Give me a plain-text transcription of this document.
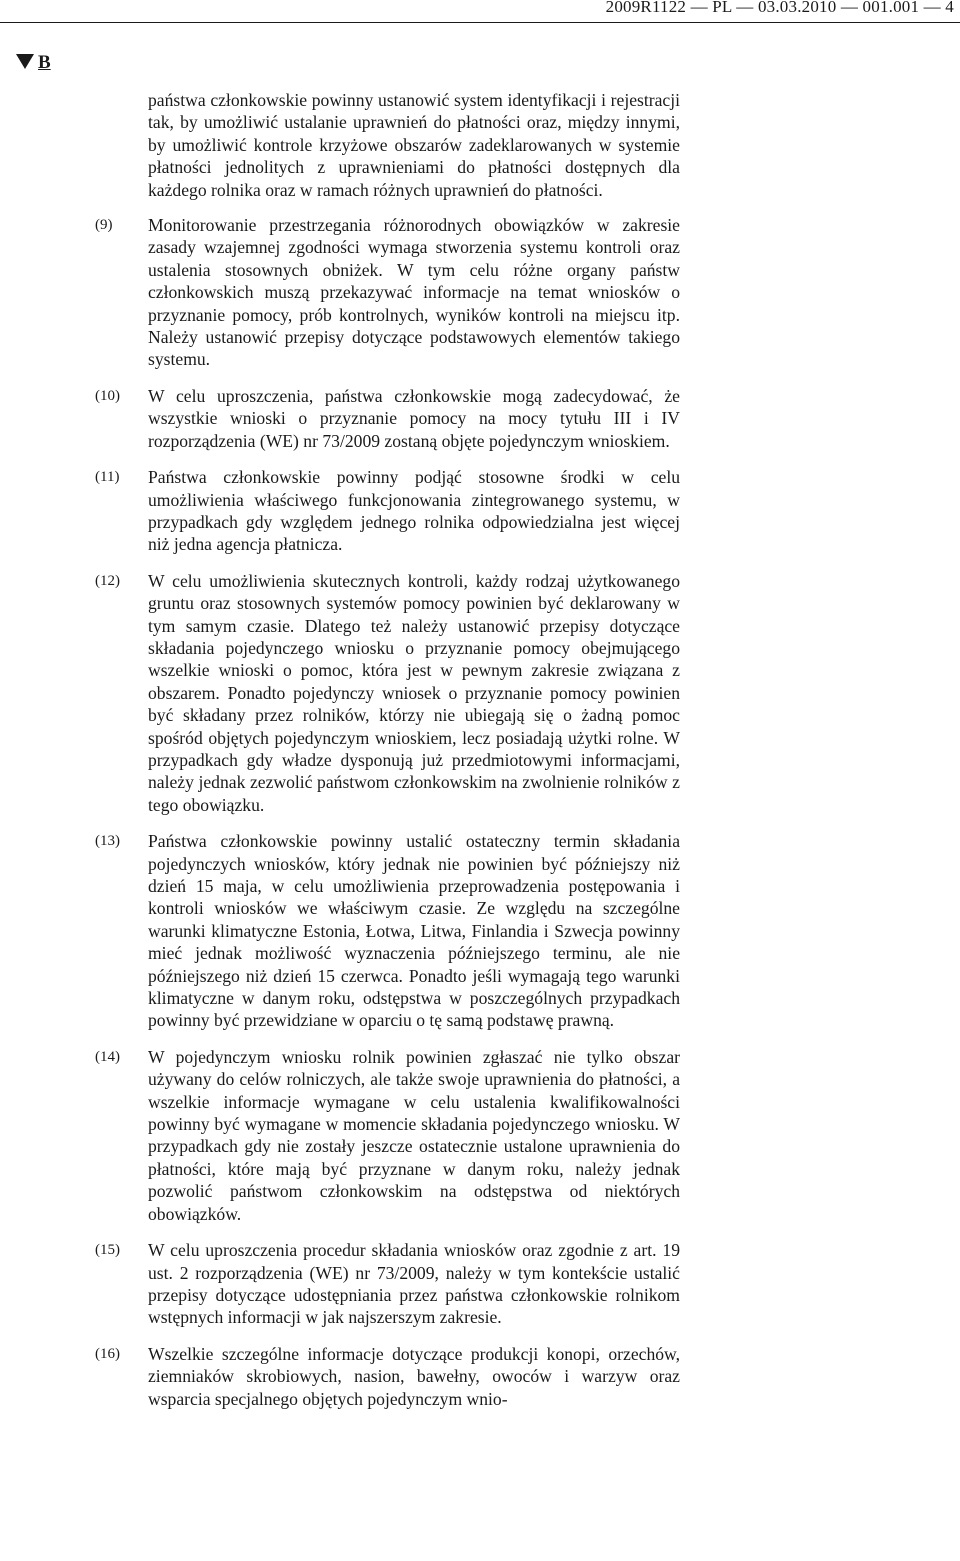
2009R1122 — PL — 03.03.2010 — 001.001 — 4
B
państwa członkowskie powinny ustanowić system identyfikacji i rejestracji tak, by umożliwić ustalanie uprawnień do płatności oraz, między innymi, by umożliwić kontrole krzyżowe obszarów zadeklarowanych w systemie płatności jednolitych z uprawnieniami do płatności dostępnych dla każdego rolnika oraz w ramach różnych uprawnień do płatności.
(9) Monitorowanie przestrzegania różnorodnych obowiązków w zakresie zasady wzajemnej zgodności wymaga stworzenia systemu kontroli oraz ustalenia stosownych obniżek. W tym celu różne organy państw członkowskich muszą przekazywać informacje na temat wniosków o przyznanie pomocy, prób kontrolnych, wyników kontroli na miejscu itp. Należy ustanowić przepisy dotyczące podstawowych elementów takiego systemu.
(10) W celu uproszczenia, państwa członkowskie mogą zadecydować, że wszystkie wnioski o przyznanie pomocy na mocy tytułu III i IV rozporządzenia (WE) nr 73/2009 zostaną objęte pojedynczym wnioskiem.
(11) Państwa członkowskie powinny podjąć stosowne środki w celu umożliwienia właściwego funkcjonowania zintegrowanego systemu, w przypadkach gdy względem jednego rolnika odpowiedzialna jest więcej niż jedna agencja płatnicza.
(12) W celu umożliwienia skutecznych kontroli, każdy rodzaj użytkowanego gruntu oraz stosownych systemów pomocy powinien być deklarowany w tym samym czasie. Dlatego też należy ustanowić przepisy dotyczące składania pojedynczego wniosku o przyznanie pomocy obejmującego wszelkie wnioski o pomoc, która jest w pewnym zakresie związana z obszarem. Ponadto pojedynczy wniosek o przyznanie pomocy powinien być składany przez rolników, którzy nie ubiegają się o żadną pomoc spośród objętych pojedynczym wnioskiem, lecz posiadają użytki rolne. W przypadkach gdy władze dysponują już przedmiotowymi informacjami, należy jednak zezwolić państwom członkowskim na zwolnienie rolników z tego obowiązku.
(13) Państwa członkowskie powinny ustalić ostateczny termin składania pojedynczych wniosków, który jednak nie powinien być późniejszy niż dzień 15 maja, w celu umożliwienia przeprowadzenia postępowania i kontroli wniosków we właściwym czasie. Ze względu na szczególne warunki klimatyczne Estonia, Łotwa, Litwa, Finlandia i Szwecja powinny mieć jednak możliwość wyznaczenia późniejszego terminu, ale nie późniejszego niż dzień 15 czerwca. Ponadto jeśli wymagają tego warunki klimatyczne w danym roku, odstępstwa w poszczególnych przypadkach powinny być przewidziane w oparciu o tę samą podstawę prawną.
(14) W pojedynczym wniosku rolnik powinien zgłaszać nie tylko obszar używany do celów rolniczych, ale także swoje uprawnienia do płatności, a wszelkie informacje wymagane w celu ustalenia kwalifikowalności powinny być wymagane w momencie składania pojedynczego wniosku. W przypadkach gdy nie zostały jeszcze ostatecznie ustalone uprawnienia do płatności, które mają być przyznane w danym roku, należy jednak pozwolić państwom członkowskim na odstępstwa od niektórych obowiązków.
(15) W celu uproszczenia procedur składania wniosków oraz zgodnie z art. 19 ust. 2 rozporządzenia (WE) nr 73/2009, należy w tym kontekście ustalić przepisy dotyczące udostępniania przez państwa członkowskie rolnikom wstępnych informacji w jak najszerszym zakresie.
(16) Wszelkie szczególne informacje dotyczące produkcji konopi, orzechów, ziemniaków skrobiowych, nasion, bawełny, owoców i warzyw oraz wsparcia specjalnego objętych pojedynczym wnio-
